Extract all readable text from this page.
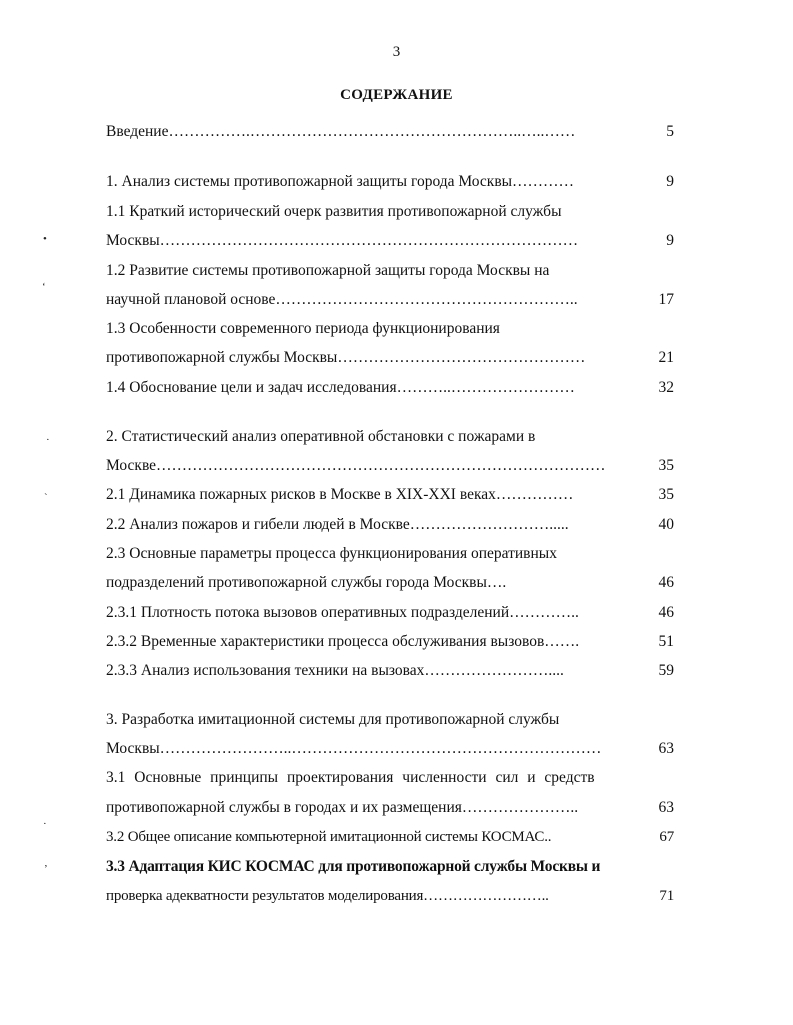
3
СОДЕРЖАНИЕ
•
ʻ
·
ˋ
·
ʼ
Введение…………….……………………………………………..…..……	5
1. Анализ системы противопожарной защиты города Москвы…………	9
1.1 Краткий исторический очерк развития противопожарной службы
Москвы………………………………………………………………………	9
1.2 Развитие системы противопожарной защиты города Москвы на
научной плановой основе…………………………………………………..	17
1.3 Особенности современного периода функционирования
противопожарной службы Москвы…………………………………………	21
1.4 Обоснование цели и задач исследования………..……………………	32
2. Статистический анализ оперативной обстановки с пожарами в
Москве……………………………………………………………………………	35
2.1 Динамика пожарных рисков в Москве в XIX-XXI веках……………	35
2.2 Анализ пожаров и гибели людей в Москве……………………….....	40
2.3 Основные параметры процесса функционирования оперативных
подразделений противопожарной службы города Москвы….	46
2.3.1 Плотность потока вызовов оперативных подразделений…………..	46
2.3.2 Временные характеристики процесса обслуживания вызовов…….	51
2.3.3 Анализ использования техники на вызовах……………………....	59
3. Разработка имитационной системы для противопожарной службы
Москвы……………………..……………………………………………………	63
3.1 Основные принципы проектирования численности сил и средств
противопожарной службы в городах и их размещения…………………..	63
3.2 Общее описание компьютерной имитационной системы КОСМАС..	67
3.3 Адаптация КИС КОСМАС для противопожарной службы Москвы и
проверка адекватности результатов моделирования……………………..	71
